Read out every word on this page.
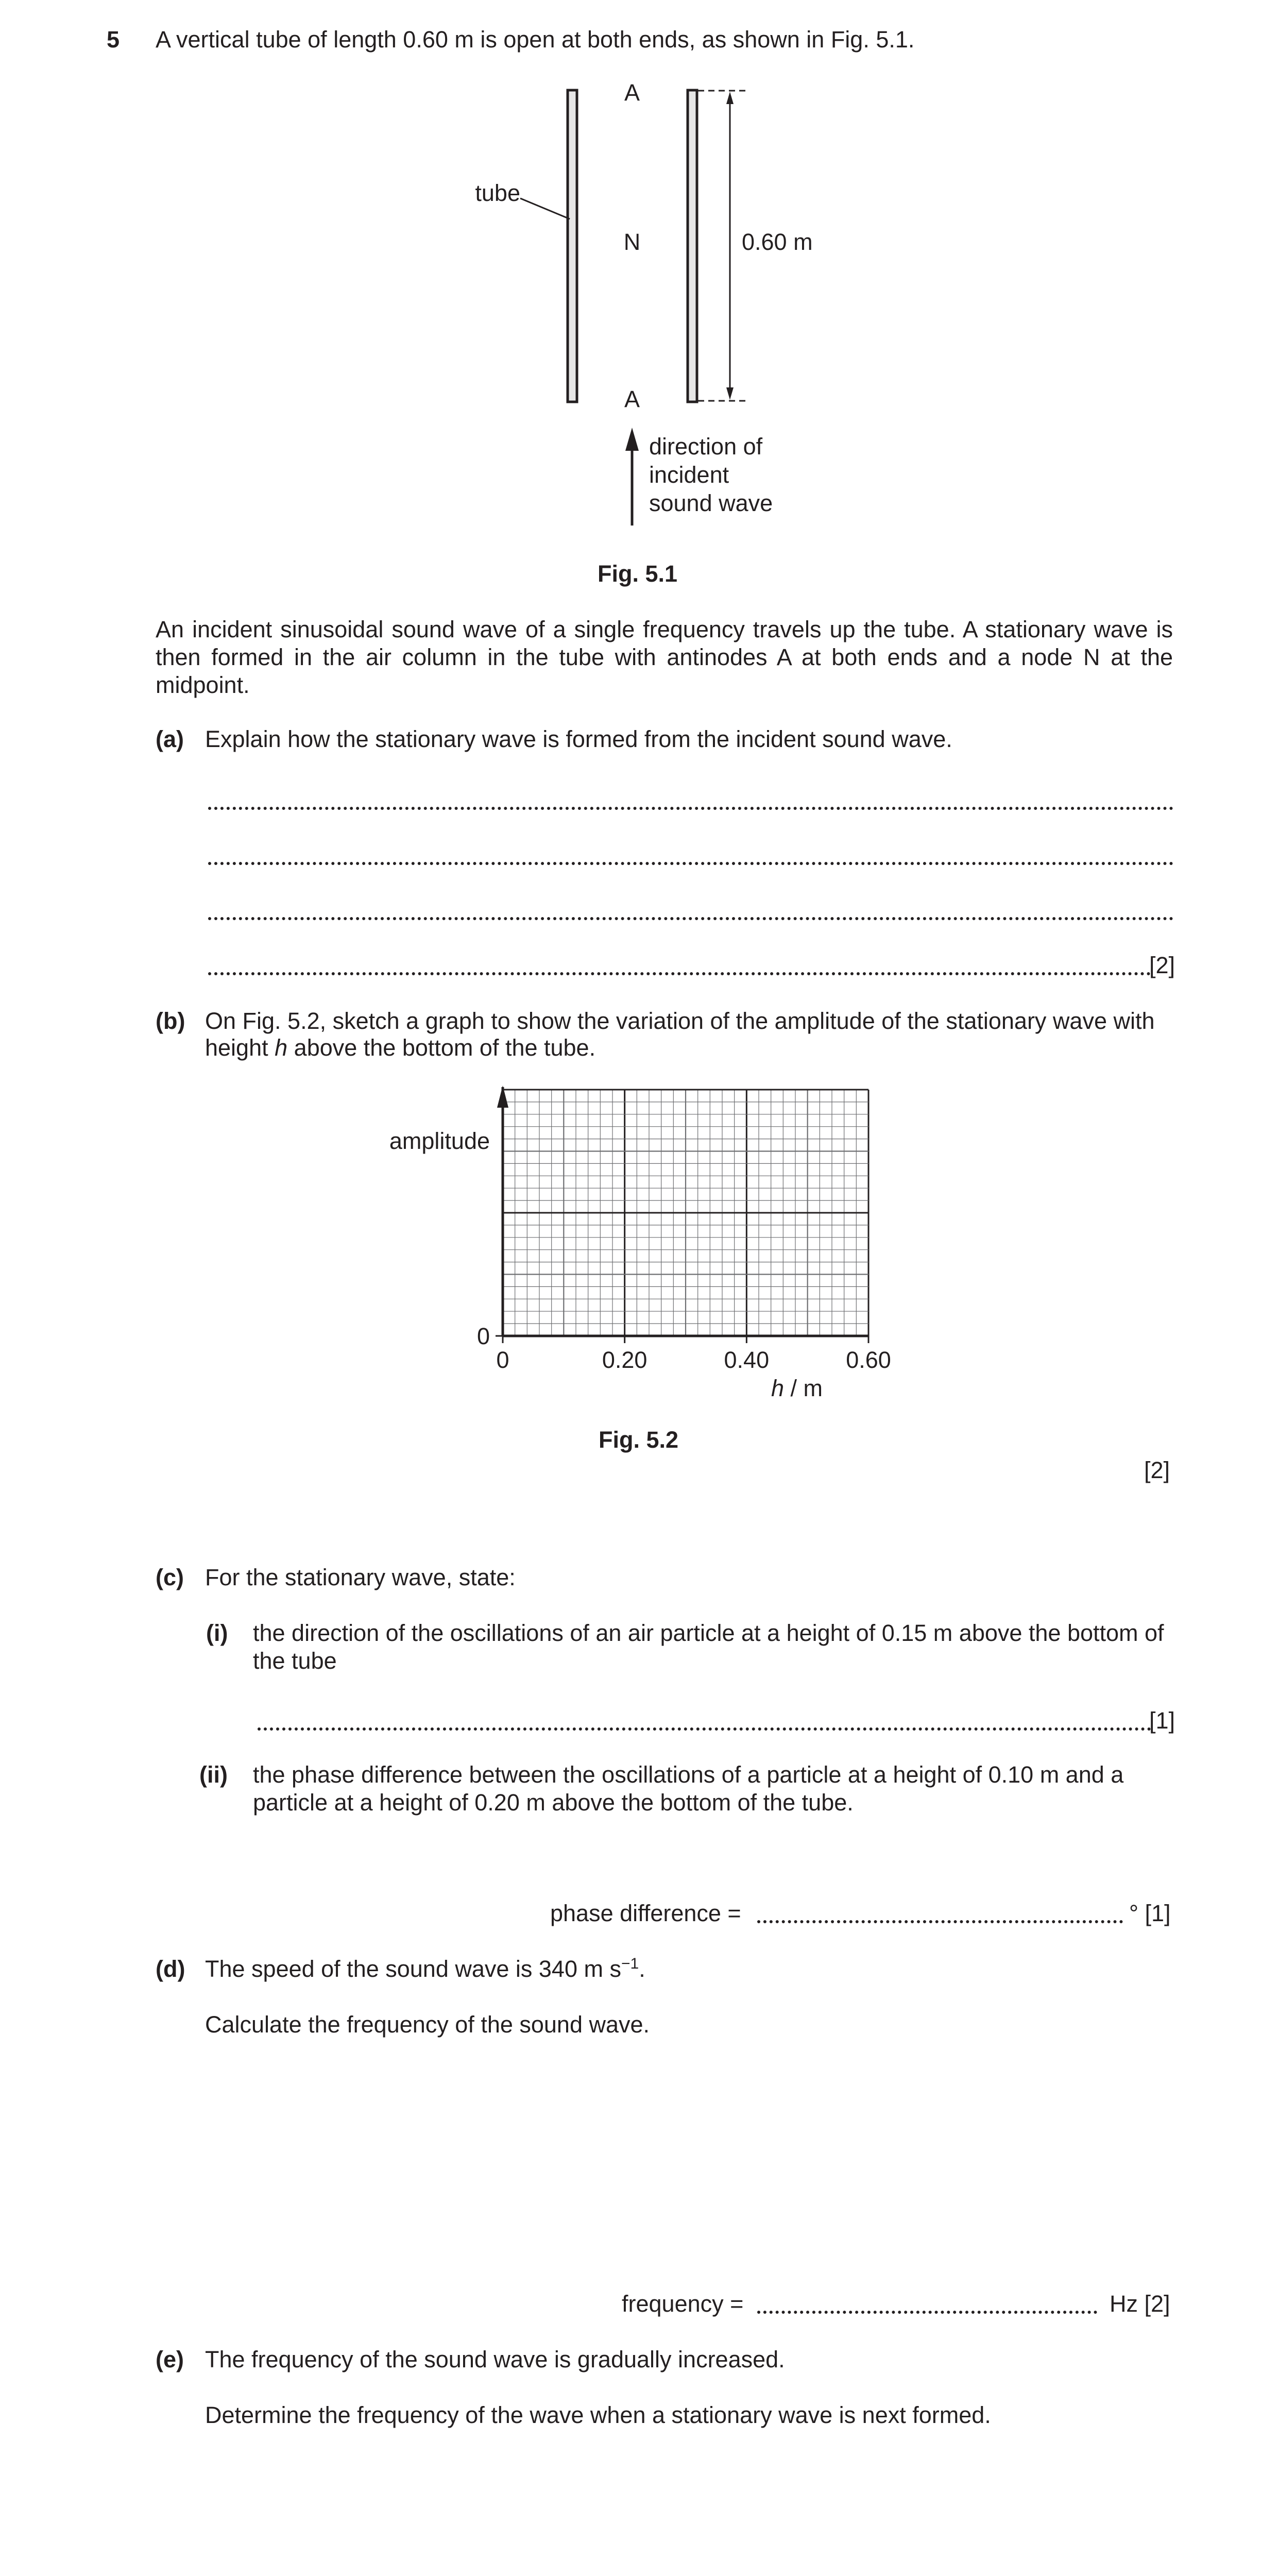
5 A vertical tube of length 0.60 m is open at both ends, as shown in Fig. 5.1.
tube
A
N
A
0.60 m
direction of
incident
sound wave
Fig. 5.1
An incident sinusoidal sound wave of a single frequency travels up the tube. A stationary wave is then formed in the air column in the tube with antinodes A at both ends and a node N at the midpoint.
(a) Explain how the stationary wave is formed from the incident sound wave.
[2]
(b) On Fig. 5.2, sketch a graph to show the variation of the amplitude of the stationary wave with
height h above the bottom of the tube.
amplitude
0	0.20	0.40	0.60
0
h / m
Fig. 5.2
[2]
(c) For the stationary wave, state:
(i) the direction of the oscillations of an air particle at a height of 0.15 m above the bottom of
the tube
[1]
(ii) the phase difference between the oscillations of a particle at a height of 0.10 m and a
particle at a height of 0.20 m above the bottom of the tube.
phase difference =	° [1]
(d) The speed of the sound wave is 340 m $s^{-1}$.
Calculate the frequency of the sound wave.
frequency =	Hz [2]
(e) The frequency of the sound wave is gradually increased.
Determine the frequency of the wave when a stationary wave is next formed.
